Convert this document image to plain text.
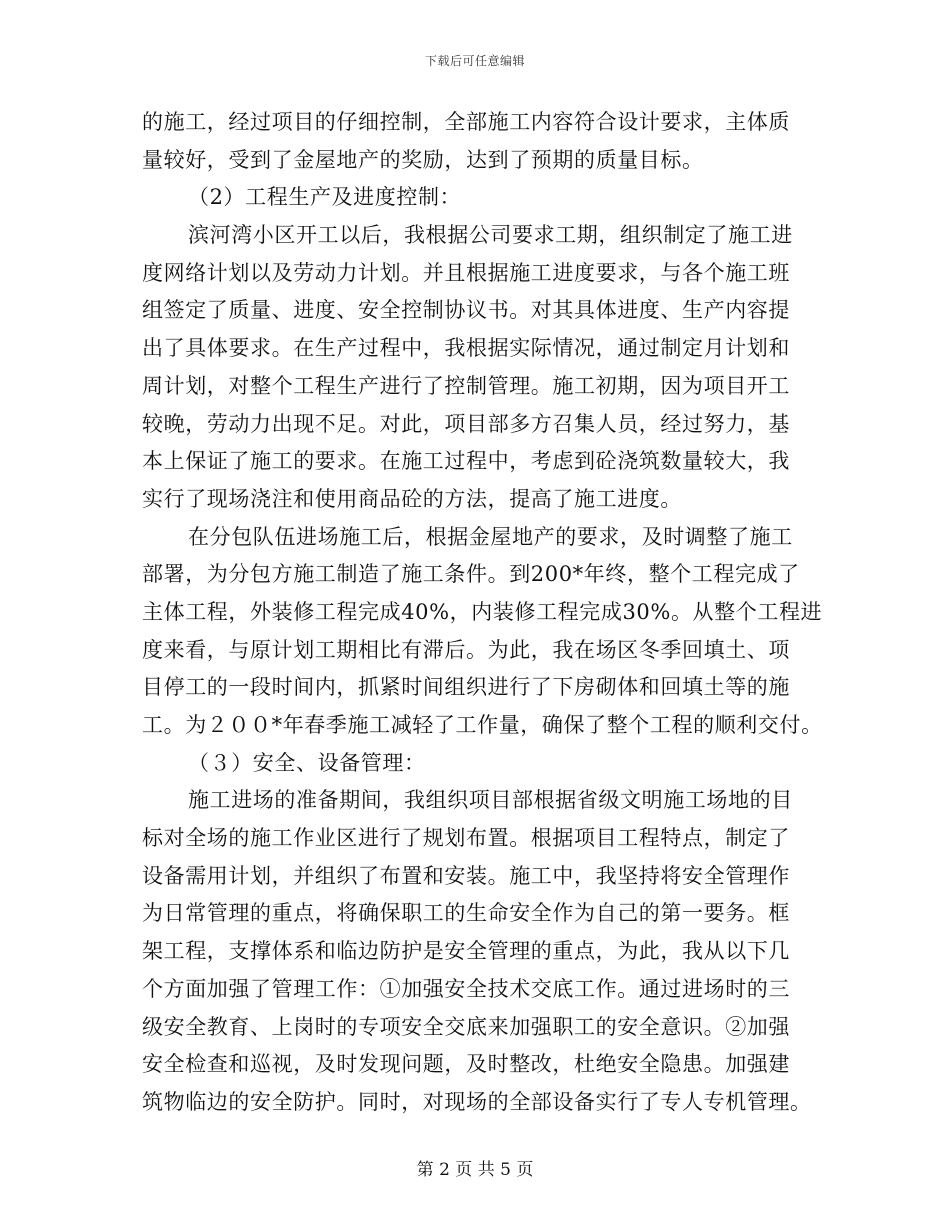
下载后可任意编辑
的施工，经过项目的仔细控制，全部施工内容符合设计要求，主体质
量较好，受到了金屋地产的奖励，达到了预期的质量目标。
（2）工程生产及进度控制：
滨河湾小区开工以后，我根据公司要求工期，组织制定了施工进
度网络计划以及劳动力计划。并且根据施工进度要求，与各个施工班
组签定了质量、进度、安全控制协议书。对其具体进度、生产内容提
出了具体要求。在生产过程中，我根据实际情况，通过制定月计划和
周计划，对整个工程生产进行了控制管理。施工初期，因为项目开工
较晚，劳动力出现不足。对此，项目部多方召集人员，经过努力，基
本上保证了施工的要求。在施工过程中，考虑到砼浇筑数量较大，我
实行了现场浇注和使用商品砼的方法，提高了施工进度。
在分包队伍进场施工后，根据金屋地产的要求，及时调整了施工
部署，为分包方施工制造了施工条件。到200*年终，整个工程完成了
主体工程，外装修工程完成40%，内装修工程完成30%。从整个工程进
度来看，与原计划工期相比有滞后。为此，我在场区冬季回填土、项
目停工的一段时间内，抓紧时间组织进行了下房砌体和回填土等的施
工。为２００*年春季施工减轻了工作量，确保了整个工程的顺利交付。
（３）安全、设备管理：
施工进场的准备期间，我组织项目部根据省级文明施工场地的目
标对全场的施工作业区进行了规划布置。根据项目工程特点，制定了
设备需用计划，并组织了布置和安装。施工中，我坚持将安全管理作
为日常管理的重点，将确保职工的生命安全作为自己的第一要务。框
架工程，支撑体系和临边防护是安全管理的重点，为此，我从以下几
个方面加强了管理工作：①加强安全技术交底工作。通过进场时的三
级安全教育、上岗时的专项安全交底来加强职工的安全意识。②加强
安全检查和巡视，及时发现问题，及时整改，杜绝安全隐患。加强建
筑物临边的安全防护。同时，对现场的全部设备实行了专人专机管理。
第 2 页 共 5 页
